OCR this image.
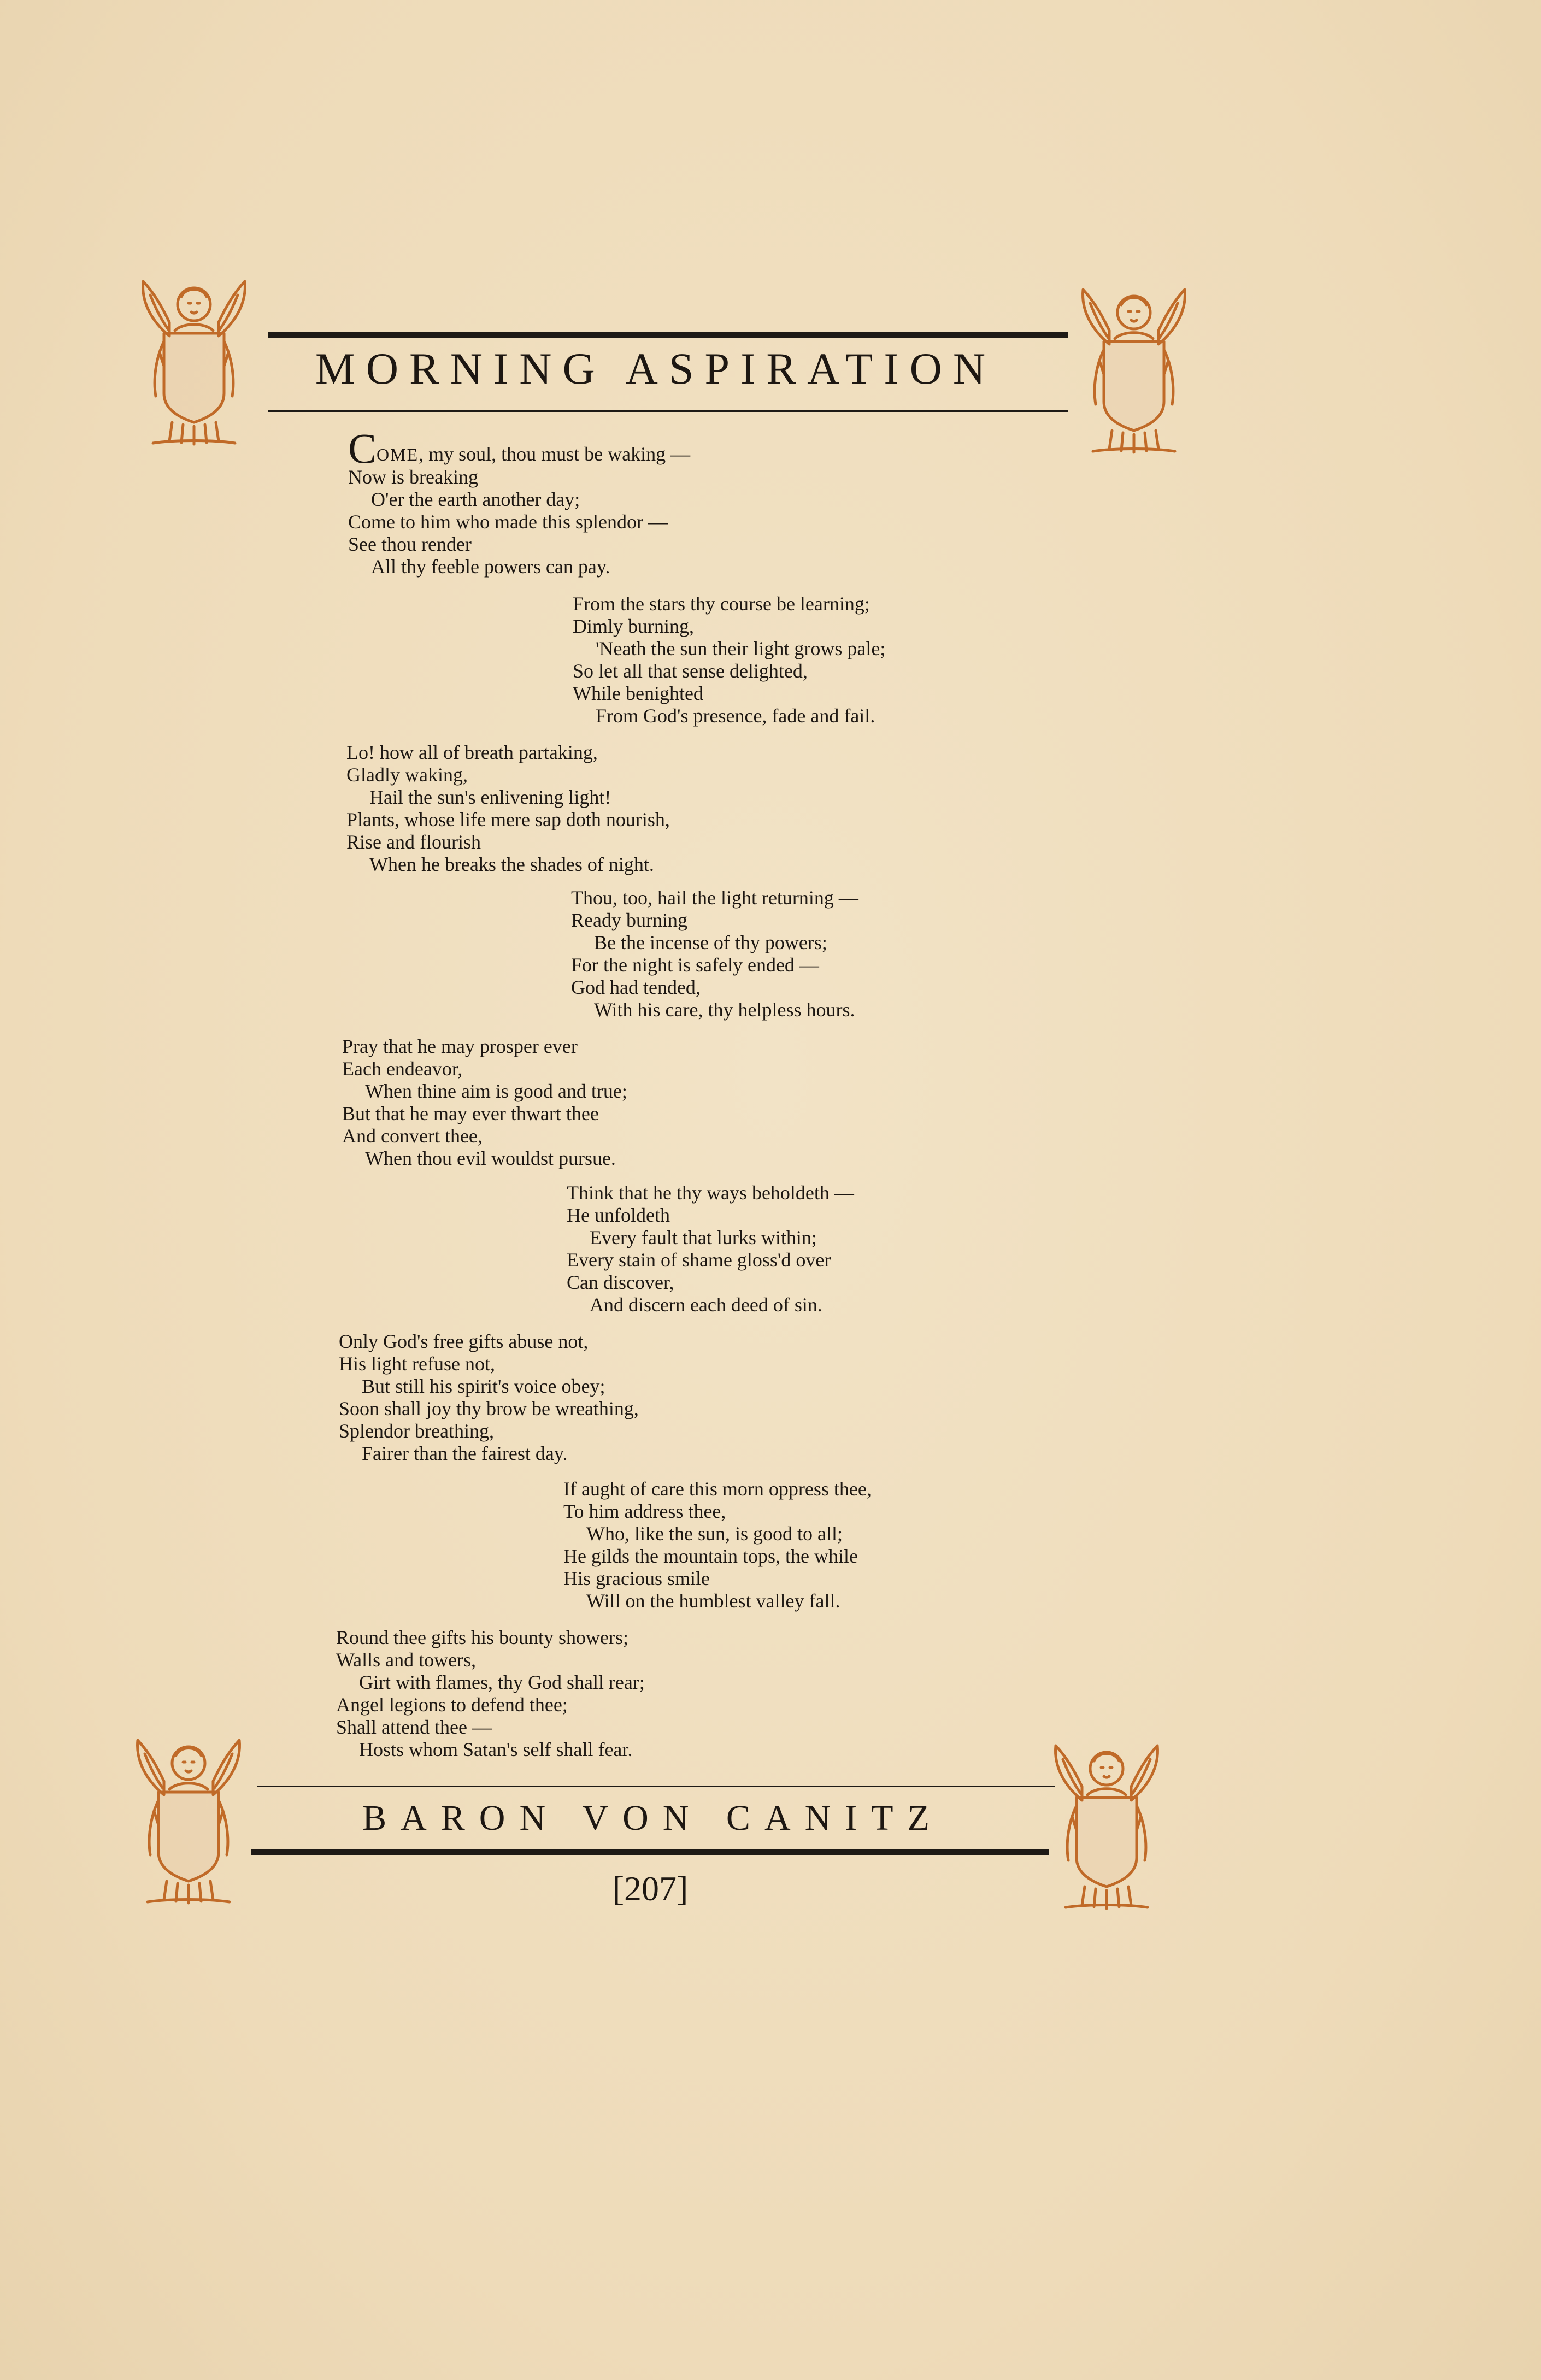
MORNING ASPIRATION
COME, my soul, thou must be waking —
Now is breaking
O'er the earth another day;
Come to him who made this splendor —
See thou render
All thy feeble powers can pay.
From the stars thy course be learning;
Dimly burning,
'Neath the sun their light grows pale;
So let all that sense delighted,
While benighted
From God's presence, fade and fail.
Lo! how all of breath partaking,
Gladly waking,
Hail the sun's enlivening light!
Plants, whose life mere sap doth nourish,
Rise and flourish
When he breaks the shades of night.
Thou, too, hail the light returning —
Ready burning
Be the incense of thy powers;
For the night is safely ended —
God had tended,
With his care, thy helpless hours.
Pray that he may prosper ever
Each endeavor,
When thine aim is good and true;
But that he may ever thwart thee
And convert thee,
When thou evil wouldst pursue.
Think that he thy ways beholdeth —
He unfoldeth
Every fault that lurks within;
Every stain of shame gloss'd over
Can discover,
And discern each deed of sin.
Only God's free gifts abuse not,
His light refuse not,
But still his spirit's voice obey;
Soon shall joy thy brow be wreathing,
Splendor breathing,
Fairer than the fairest day.
If aught of care this morn oppress thee,
To him address thee,
Who, like the sun, is good to all;
He gilds the mountain tops, the while
His gracious smile
Will on the humblest valley fall.
Round thee gifts his bounty showers;
Walls and towers,
Girt with flames, thy God shall rear;
Angel legions to defend thee;
Shall attend thee —
Hosts whom Satan's self shall fear.
BARON VON CANITZ
[207]
